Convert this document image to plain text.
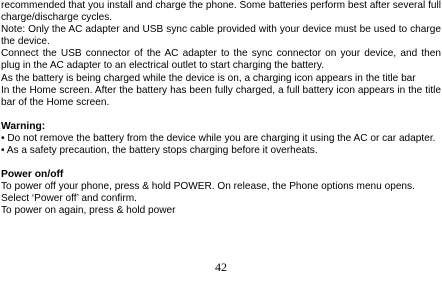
recommended that you install and charge the phone. Some batteries perform best after several full charge/discharge cycles.

Note: Only the AC adapter and USB sync cable provided with your device must be used to charge the device.

Connect the USB connector of the AC adapter to the sync connector on your device, and then plug in the AC adapter to an electrical outlet to start charging the battery.

As the battery is being charged while the device is on, a charging icon appears in the title bar

In the Home screen. After the battery has been fully charged, a full battery icon appears in the title bar of the Home screen.

Warning:

• Do not remove the battery from the device while you are charging it using the AC or car adapter.

• As a safety precaution, the battery stops charging before it overheats.

Power on/off

To power off your phone, press & hold POWER. On release, the Phone options menu opens.

Select ‘Power off’ and confirm.

To power on again, press & hold power

42
